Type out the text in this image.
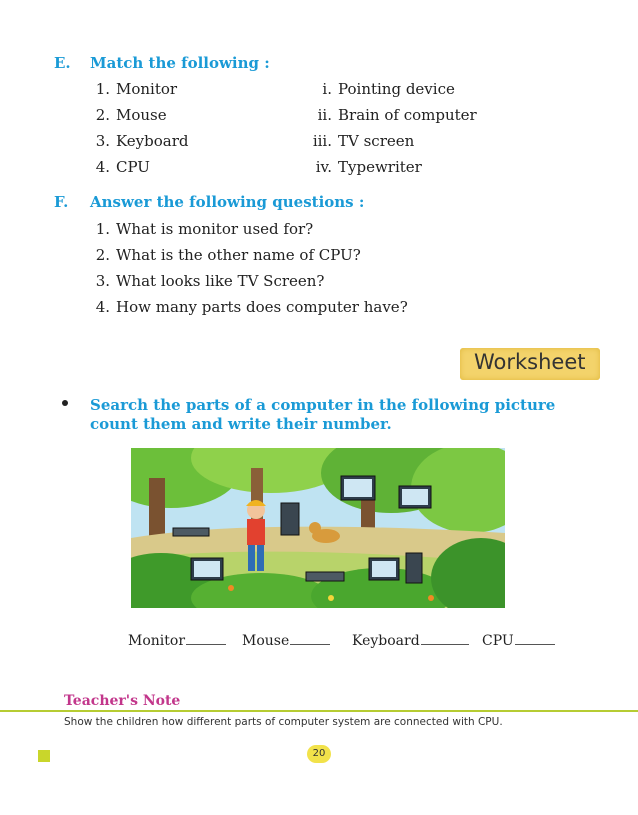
E. Match the following :
1. Monitor	i. Pointing device
2. Mouse	ii. Brain of computer
3. Keyboard	iii. TV screen
4. CPU	iv. Typewriter
F. Answer the following questions :
1. What is monitor used for?
2. What is the other name of CPU?
3. What looks like TV Screen?
4. How many parts does computer have?
Worksheet
Search the parts of a computer in the following picture count them and write their number.
Monitor	Mouse	Keyboard	CPU
Teacher's Note
Show the children how different parts of computer system are connected with CPU.
20
